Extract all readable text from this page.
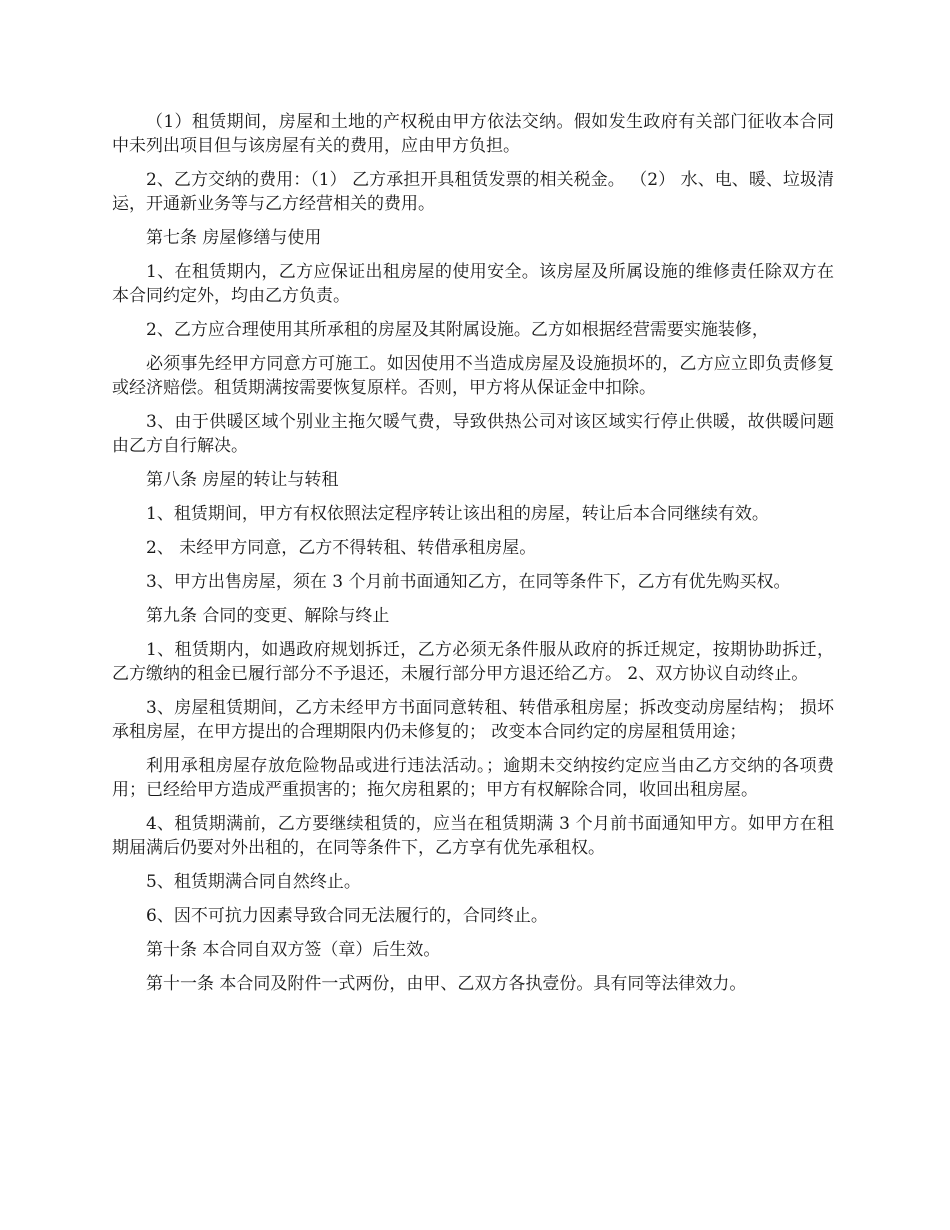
（1）租赁期间，房屋和土地的产权税由甲方依法交纳。假如发生政府有关部门征收本合同中未列出项目但与该房屋有关的费用，应由甲方负担。

2、乙方交纳的费用：（1） 乙方承担开具租赁发票的相关税金。 （2） 水、电、暖、垃圾清运，开通新业务等与乙方经营相关的费用。

第七条 房屋修缮与使用

1、在租赁期内，乙方应保证出租房屋的使用安全。该房屋及所属设施的维修责任除双方在本合同约定外，均由乙方负责。

2、乙方应合理使用其所承租的房屋及其附属设施。乙方如根据经营需要实施装修，

必须事先经甲方同意方可施工。如因使用不当造成房屋及设施损坏的，乙方应立即负责修复或经济赔偿。租赁期满按需要恢复原样。否则，甲方将从保证金中扣除。

3、由于供暖区域个别业主拖欠暖气费，导致供热公司对该区域实行停止供暖，故供暖问题由乙方自行解决。

第八条 房屋的转让与转租

1、租赁期间，甲方有权依照法定程序转让该出租的房屋，转让后本合同继续有效。

2、 未经甲方同意，乙方不得转租、转借承租房屋。

3、甲方出售房屋，须在 3 个月前书面通知乙方，在同等条件下，乙方有优先购买权。

第九条 合同的变更、解除与终止

1、租赁期内，如遇政府规划拆迁，乙方必须无条件服从政府的拆迁规定，按期协助拆迁，乙方缴纳的租金已履行部分不予退还，未履行部分甲方退还给乙方。 2、双方协议自动终止。

3、房屋租赁期间，乙方未经甲方书面同意转租、转借承租房屋；拆改变动房屋结构； 损坏承租房屋，在甲方提出的合理期限内仍未修复的； 改变本合同约定的房屋租赁用途；

利用承租房屋存放危险物品或进行违法活动。；逾期未交纳按约定应当由乙方交纳的各项费用；已经给甲方造成严重损害的；拖欠房租累的；甲方有权解除合同，收回出租房屋。

4、租赁期满前，乙方要继续租赁的，应当在租赁期满 3 个月前书面通知甲方。如甲方在租期届满后仍要对外出租的，在同等条件下，乙方享有优先承租权。

5、租赁期满合同自然终止。

6、因不可抗力因素导致合同无法履行的，合同终止。

第十条 本合同自双方签（章）后生效。

第十一条 本合同及附件一式两份，由甲、乙双方各执壹份。具有同等法律效力。
